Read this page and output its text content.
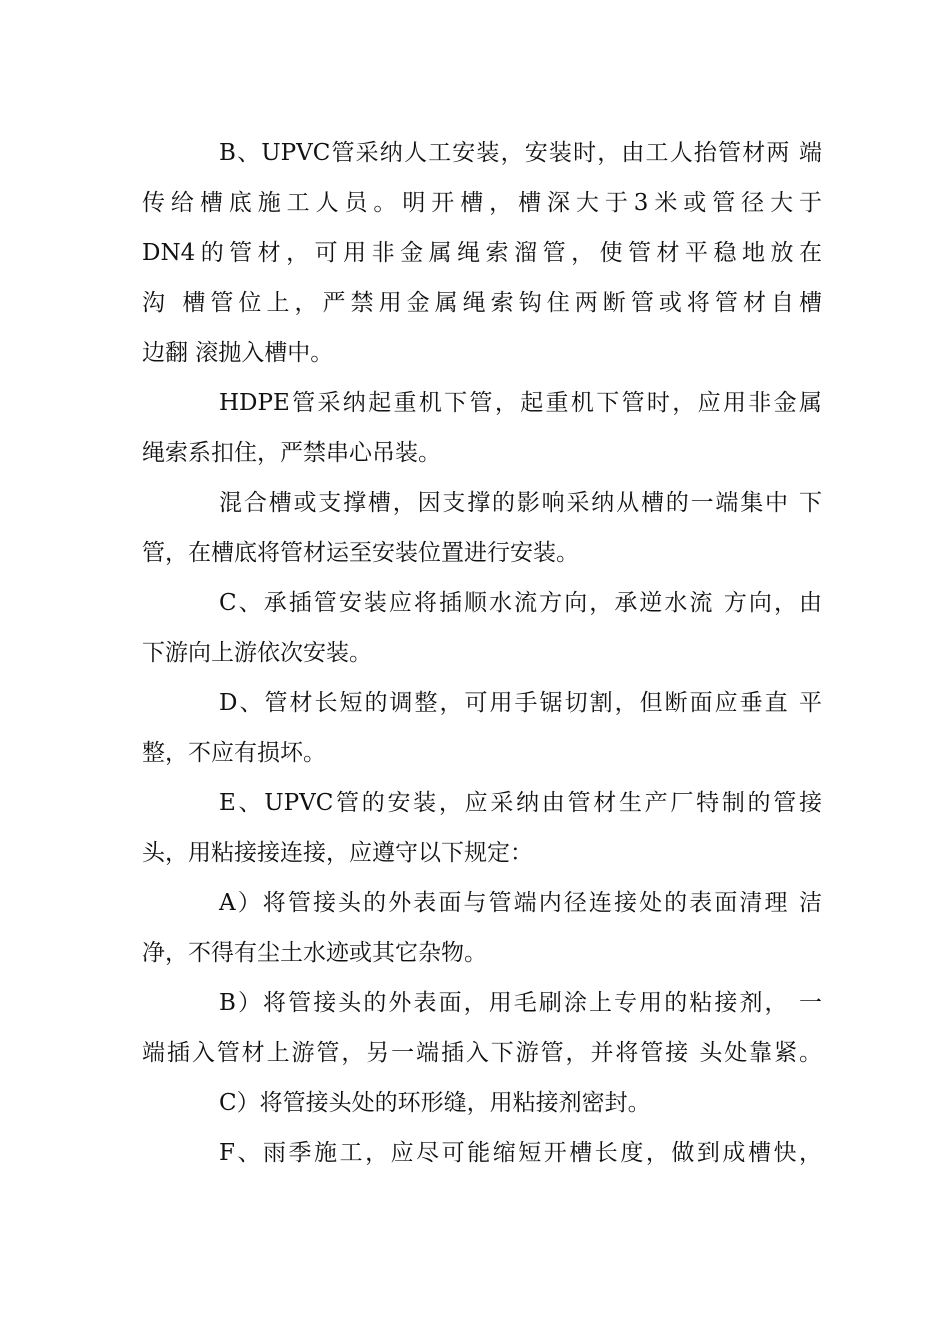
B、UPVC管采纳人工安装，安装时，由工人抬管材两 端
传给槽底施工人员。明开槽，槽深大于3米或管径大于
DN4的管材，可用非金属绳索溜管，使管材平稳地放在
沟 槽管位上，严禁用金属绳索钩住两断管或将管材自槽
边翻 滚抛入槽中。
HDPE管采纳起重机下管，起重机下管时，应用非金属
绳索系扣住，严禁串心吊装。
混合槽或支撑槽，因支撑的影响采纳从槽的一端集中 下
管，在槽底将管材运至安装位置进行安装。
C、承插管安装应将插顺水流方向，承逆水流 方向，由
下游向上游依次安装。
D、管材长短的调整，可用手锯切割，但断面应垂直 平
整，不应有损坏。
E、UPVC管的安装，应采纳由管材生产厂特制的管接
头，用粘接接连接，应遵守以下规定：
A）将管接头的外表面与管端内径连接处的表面清理 洁
净，不得有尘土水迹或其它杂物。
B）将管接头的外表面，用毛刷涂上专用的粘接剂， 一
端插入管材上游管，另一端插入下游管，并将管接 头处靠紧。
C）将管接头处的环形缝，用粘接剂密封。
F、雨季施工，应尽可能缩短开槽长度，做到成槽快，
